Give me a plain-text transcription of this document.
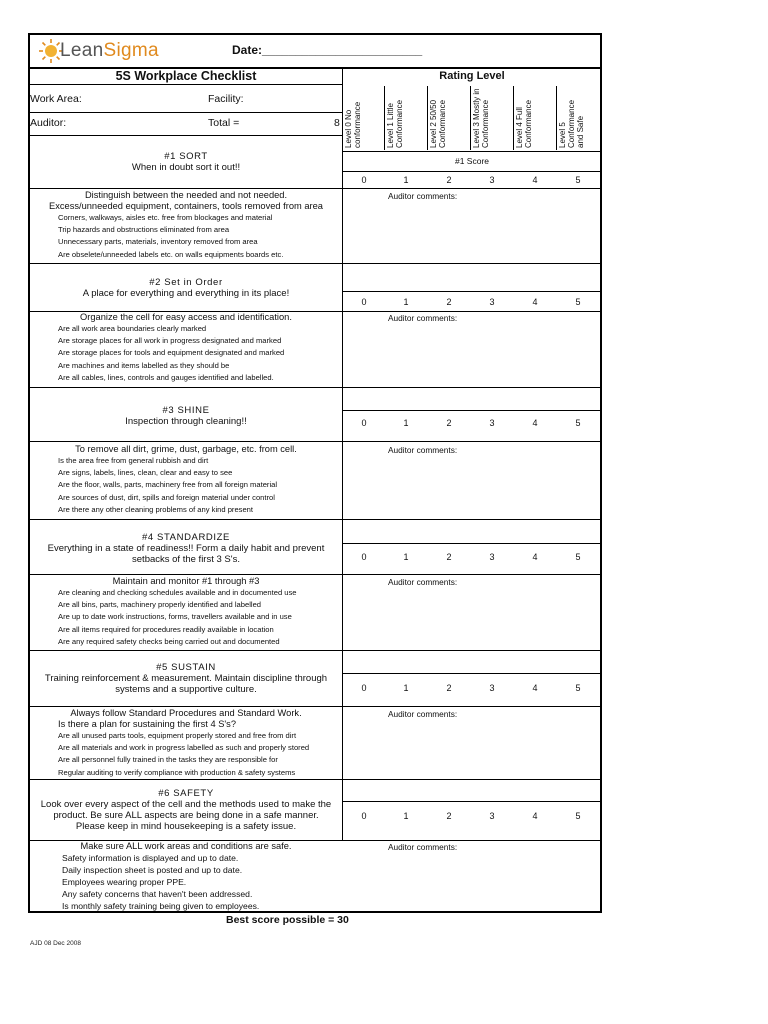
LeanSigma	Date:________________________
5S Workplace Checklist	Rating Level
Work Area:	Facility:
Auditor:	Total =	8 Level 0 No conformance	Level 1 Little Conformance	Level 2 50/50 Conformance	Level 3 Mostly in Conformance	Level 4 Full Conformance	Level 5 Conformance and Safe
#1 SORT
When in doubt sort it out!!
#1 Score
0	1	2	3	4	5
Distinguish between the needed and not needed.
Excess/unneeded equipment, containers, tools removed from area
Corners, walkways, aisles etc. free from blockages and material
Trip hazards and obstructions eliminated from area
Unnecessary parts, materials, inventory removed from area
Are obselete/unneeded labels etc. on walls equipments boards etc.
Auditor comments:
#2 Set in Order
A place for everything and everything in its place!
0	1	2	3	4	5
Organize the cell for easy access and identification.
Are all work area boundaries clearly marked
Are storage places for all work in progress designated and marked
Are storage places for tools and equipment designated and marked
Are machines and items labelled as they should be
Are all cables, lines, controls and gauges identified and labelled.
Auditor comments:
#3 SHINE
Inspection through cleaning!!	0	1	2	3	4	5
To remove all dirt, grime, dust, garbage, etc. from cell.
Is the area free from general rubbish and dirt
Are signs, labels, lines, clean, clear and easy to see
Are the floor, walls, parts, machinery free from all foreign material
Are sources of dust, dirt, spills and foreign material under control
Are there any other cleaning problems of any kind present
Auditor comments:
#4 STANDARDIZE
Everything in a state of readiness!! Form a daily habit and prevent
setbacks of the first 3 S's.	0	1	2	3	4	5
Maintain and monitor #1 through #3
Are cleaning and checking schedules available and in documented use
Are all bins, parts, machinery properly identified and labelled
Are up to date work instructions, forms, travellers available and in use
Are all items required for procedures readily available in location
Are any required safety checks being carried out and documented
Auditor comments:
#5 SUSTAIN
Training reinforcement & measurement. Maintain discipline through
systems and a supportive culture.	0	1	2	3	4	5
Always follow Standard Procedures and Standard Work.
Is there a plan for sustaining the first 4 S's?
Are all unused parts tools, equipment properly stored and free from dirt
Are all materials and work in progress labelled as such and properly stored
Are all personnel fully trained in the tasks they are responsible for
Regular auditing to verify compliance with production & safety systems
Auditor comments:
#6 SAFETY
Look over every aspect of the cell and the methods used to make the
product. Be sure ALL aspects are being done in a safe manner.
Please keep in mind housekeeping is a safety issue.
0	1	2	3	4	5
Make sure ALL work areas and conditions are safe.
Safety information is displayed and up to date.
Daily inspection sheet is posted and up to date.
Employees wearing proper PPE.
Any safety concerns that haven't been addressed.
Is monthly safety training being given to employees.
Auditor comments:
Best score possible = 30
AJD 08 Dec 2008
